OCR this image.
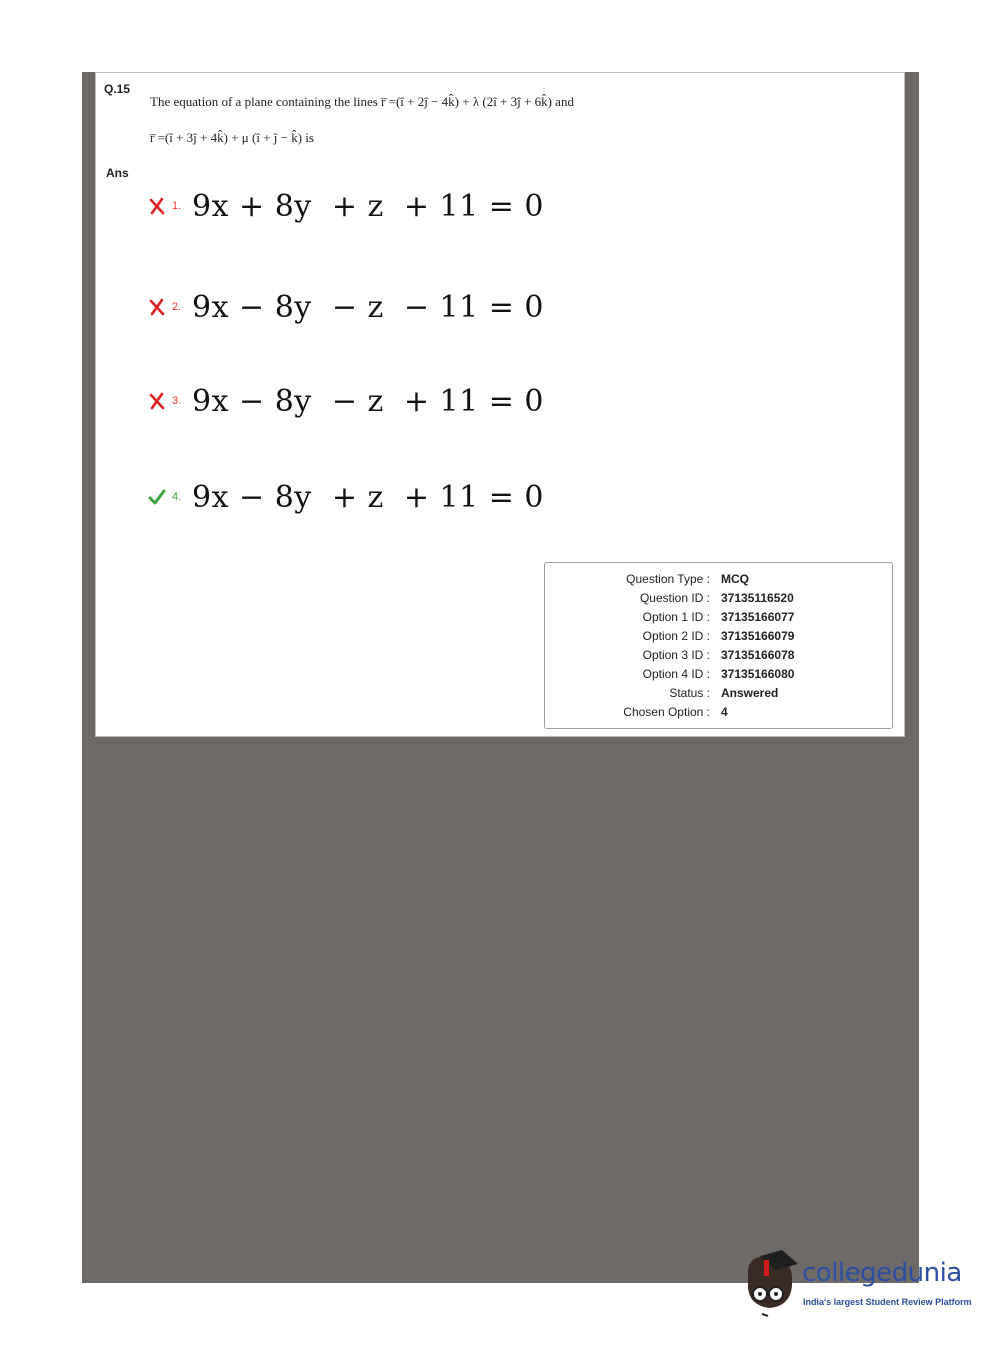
Q.15
The equation of a plane containing the lines r̅ =(î + 2ĵ − 4k̂) + λ (2î + 3ĵ + 6k̂) and
r̅ =(î + 3ĵ + 4k̂) + μ (î + ĵ − k̂) is
Ans
1. 9x + 8y  + z  + 11 = 0
2. 9x − 8y  − z  − 11 = 0
3. 9x − 8y  − z  + 11 = 0
4. 9x − 8y  + z  + 11 = 0
Question Type : MCQ
Question ID : 37135116520
Option 1 ID : 37135166077
Option 2 ID : 37135166079
Option 3 ID : 37135166078
Option 4 ID : 37135166080
Status : Answered
Chosen Option : 4
collegedunia
India's largest Student Review Platform
